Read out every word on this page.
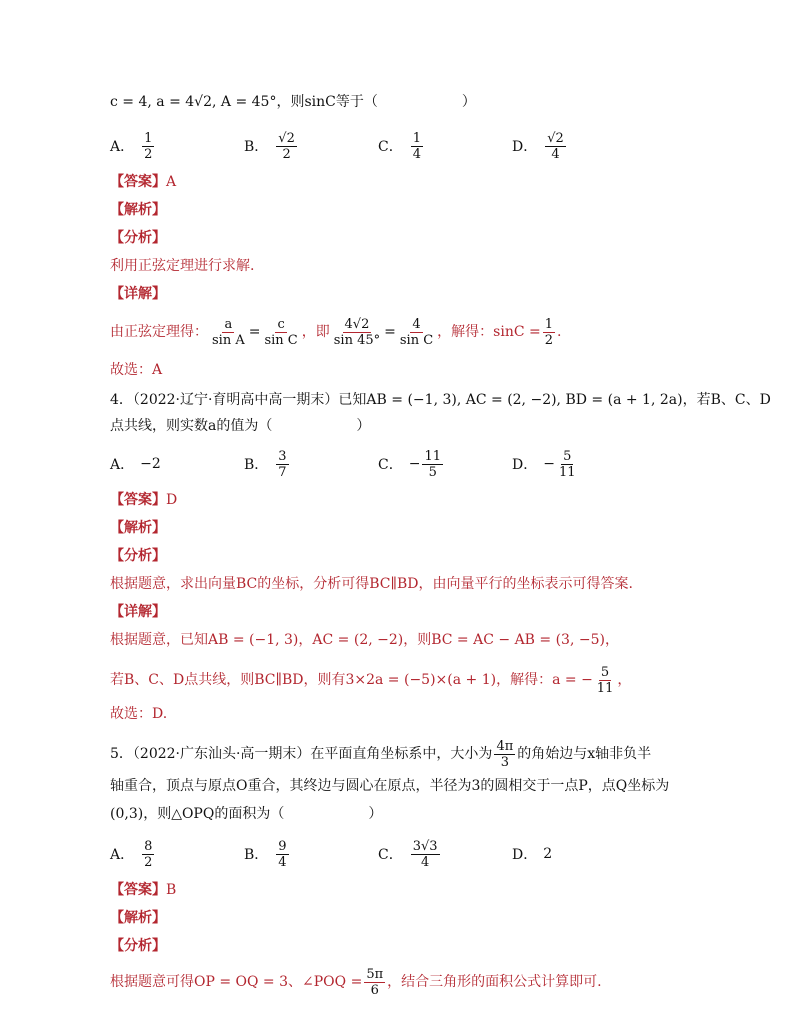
c = 4, a = 4√2, A = 45°，则sinC等于（　　　　　　）
A． $\frac{1}{2}$	B． $\frac{√2}{2}$	C． $\frac{1}{4}$	D． $\frac{√2}{4}$
【答案】A
【解析】
【分析】
利用正弦定理进行求解.
【详解】
由正弦定理得： $\frac{a}{\text{sin A}} = \frac{c}{\text{sin C}}$ ，即 $\frac{4√2}{\sin 45^\circ} = \frac{4}{\text{sin C}}$ ，解得：$\sin C = \frac{1}{2}$ .
故选：A
4．（2022·辽宁·育明高中高一期末）已知AB = (−1, 3), AC = (2, −2), BD = (a + 1, 2a)，若B、C、D
点共线，则实数a的值为（　　　　　　）
A． −2	B． $\frac{3}{7}$	C． − $\frac{11}{5}$	D． − $\frac{5}{11}$
【答案】D
【解析】
【分析】
根据题意，求出向量BC的坐标，分析可得BC∥BD，由向量平行的坐标表示可得答案.
【详解】
根据题意，已知AB = (−1, 3)，AC = (2, −2)，则BC = AC − AB = (3, −5)，
若B、C、D点共线，则BC∥BD，则有3×2a = (−5)×(a + 1)，解得：a = − $\frac{5}{11}$ ，
故选：D.
5．（2022·广东汕头·高一期末）在平面直角坐标系中，大小为 $\frac{4\pi}{3}$ 的角始边与x轴非负半
轴重合，顶点与原点O重合，其终边与圆心在原点，半径为3的圆相交于一点P，点Q坐标为
(0,3)，则△OPQ的面积为（　　　　　　）
A． $\frac{8}{2}$	B． $\frac{9}{4}$	C． $\frac{3√3}{4}$	D． 2
【答案】B
【解析】
【分析】
根据题意可得OP = OQ = 3、∠POQ = $\frac{5\pi}{6}$ ，结合三角形的面积公式计算即可.
